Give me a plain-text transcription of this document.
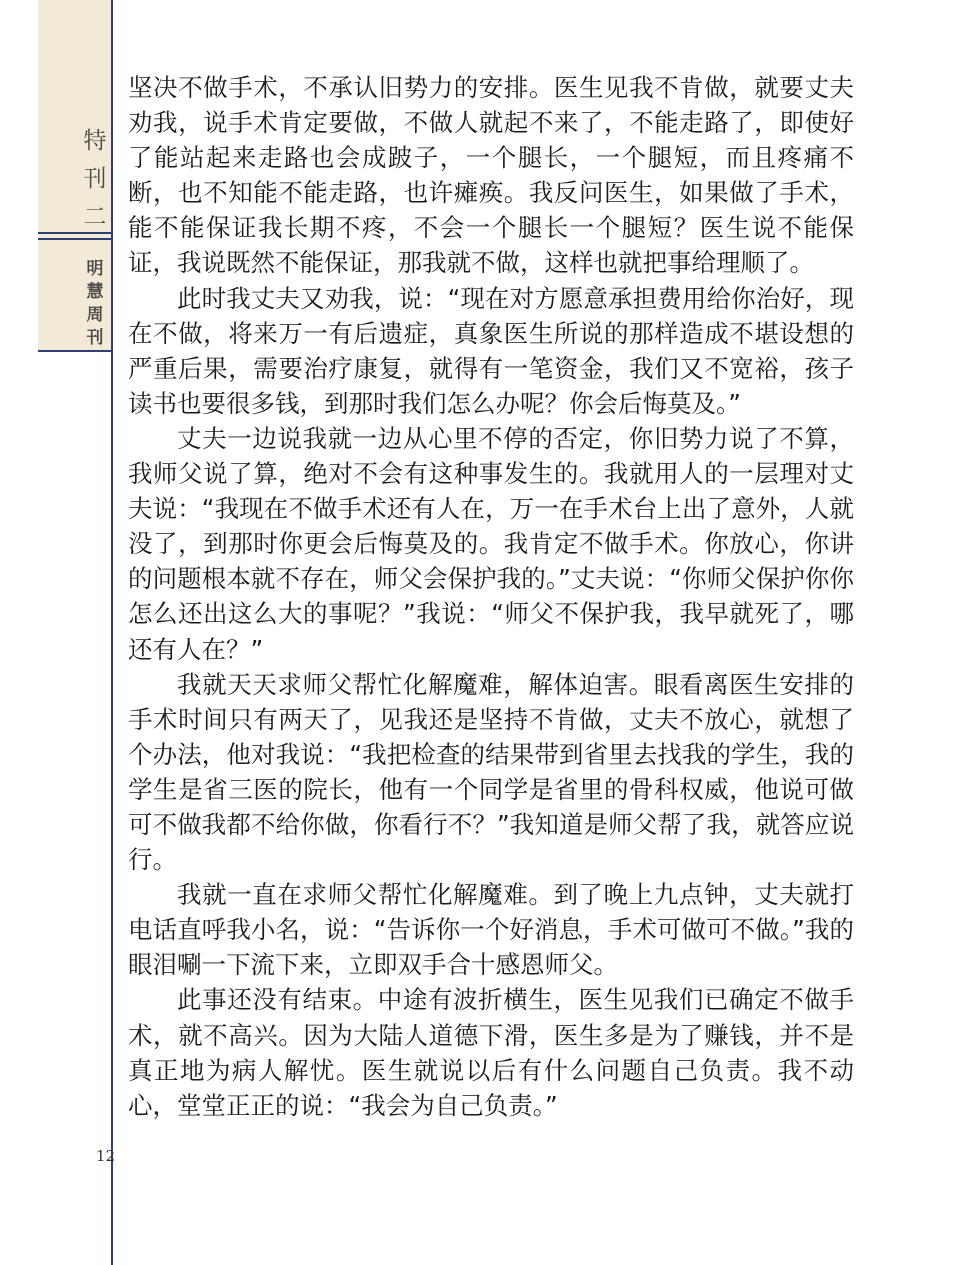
特刊二
明慧周刊
12

坚决不做手术，不承认旧势力的安排。医生见我不肯做，就要丈夫劝我，说手术肯定要做，不做人就起不来了，不能走路了，即使好了能站起来走路也会成跛子，一个腿长，一个腿短，而且疼痛不断，也不知能不能走路，也许瘫痪。我反问医生，如果做了手术，能不能保证我长期不疼，不会一个腿长一个腿短？医生说不能保证，我说既然不能保证，那我就不做，这样也就把事给理顺了。

此时我丈夫又劝我，说：“现在对方愿意承担费用给你治好，现在不做，将来万一有后遗症，真象医生所说的那样造成不堪设想的严重后果，需要治疗康复，就得有一笔资金，我们又不宽裕，孩子读书也要很多钱，到那时我们怎么办呢？你会后悔莫及。”

丈夫一边说我就一边从心里不停的否定，你旧势力说了不算，我师父说了算，绝对不会有这种事发生的。我就用人的一层理对丈夫说：“我现在不做手术还有人在，万一在手术台上出了意外，人就没了，到那时你更会后悔莫及的。我肯定不做手术。你放心，你讲的问题根本就不存在，师父会保护我的。”丈夫说：“你师父保护你你怎么还出这么大的事呢？”我说：“师父不保护我，我早就死了，哪还有人在？”

我就天天求师父帮忙化解魔难，解体迫害。眼看离医生安排的手术时间只有两天了，见我还是坚持不肯做，丈夫不放心，就想了个办法，他对我说：“我把检查的结果带到省里去找我的学生，我的学生是省三医的院长，他有一个同学是省里的骨科权威，他说可做可不做我都不给你做，你看行不？”我知道是师父帮了我，就答应说行。

我就一直在求师父帮忙化解魔难。到了晚上九点钟，丈夫就打电话直呼我小名，说：“告诉你一个好消息，手术可做可不做。”我的眼泪唰一下流下来，立即双手合十感恩师父。

此事还没有结束。中途有波折横生，医生见我们已确定不做手术，就不高兴。因为大陆人道德下滑，医生多是为了赚钱，并不是真正地为病人解忧。医生就说以后有什么问题自己负责。我不动心，堂堂正正的说：“我会为自己负责。”
